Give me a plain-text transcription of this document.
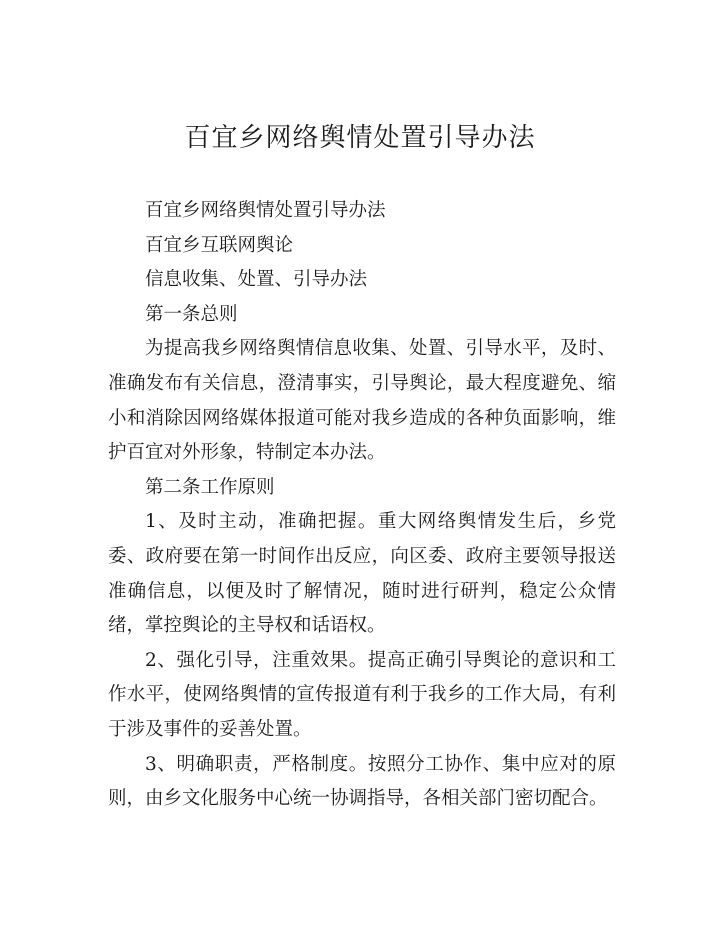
百宜乡网络舆情处置引导办法

百宜乡网络舆情处置引导办法

百宜乡互联网舆论

信息收集、处置、引导办法

第一条总则

为提高我乡网络舆情信息收集、处置、引导水平，及时、准确发布有关信息，澄清事实，引导舆论，最大程度避免、缩小和消除因网络媒体报道可能对我乡造成的各种负面影响，维护百宜对外形象，特制定本办法。

第二条工作原则

1、及时主动，准确把握。重大网络舆情发生后，乡党委、政府要在第一时间作出反应，向区委、政府主要领导报送准确信息，以便及时了解情况，随时进行研判，稳定公众情绪，掌控舆论的主导权和话语权。

2、强化引导，注重效果。提高正确引导舆论的意识和工作水平，使网络舆情的宣传报道有利于我乡的工作大局，有利于涉及事件的妥善处置。

3、明确职责，严格制度。按照分工协作、集中应对的原则，由乡文化服务中心统一协调指导，各相关部门密切配合。
